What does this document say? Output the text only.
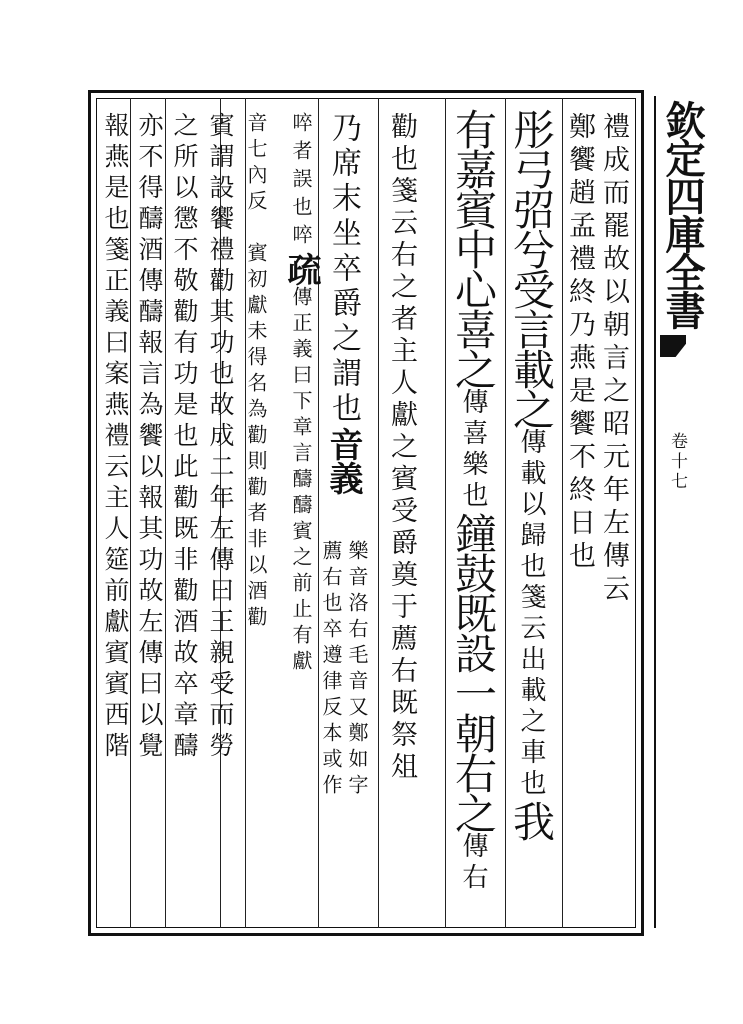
欽定四庫全書
卷十七
禮成而罷故以朝言之昭元年左傳云
鄭饗趙孟禮終乃燕是饗不終日也
彤弓弨兮受言載之傳載以歸也箋云出載之車也我
有嘉賓中心喜之傳喜樂也鐘鼓既設一朝右之傳右
勸也箋云右之者主人獻之賓受爵奠于薦右既祭俎
乃席末坐卒爵之謂也音義
樂音洛右毛音又鄭如字
薦右也卒遵律反本或作
啐者誤也啐疏傳正義曰下章言醻醻賓之前止有獻
音七內反　賓初獻未得名為勸則勸者非以酒勸
賓謂設饗禮勸其功也故成二年左傳曰王親受而勞
之所以懲不敬勸有功是也此勸既非勸酒故卒章醻
亦不得醻酒傳醻報言為饗以報其功故左傳曰以覺
報燕是也箋正義曰案燕禮云主人筵前獻賓賓西階
